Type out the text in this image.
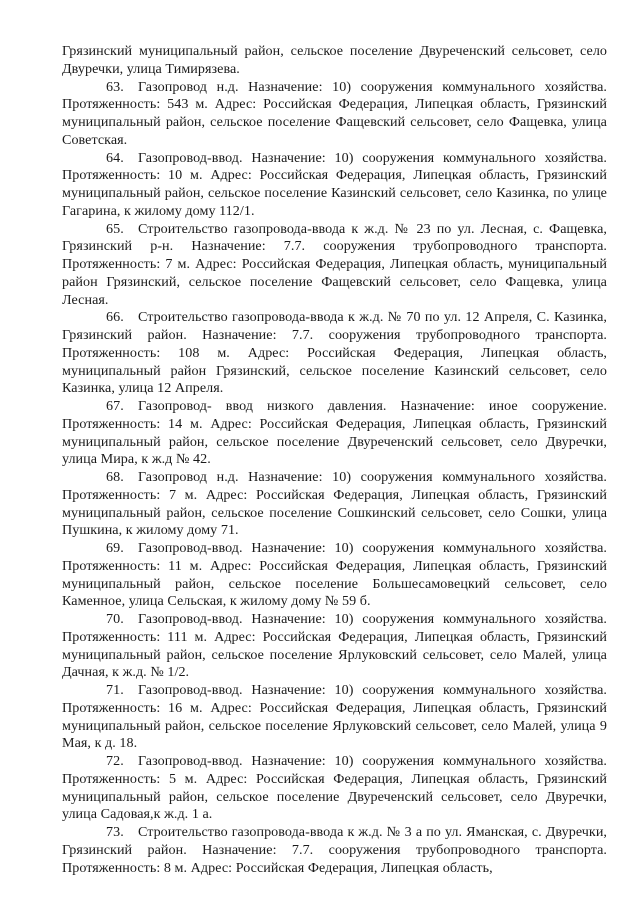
Грязинский муниципальный район, сельское поселение Двуреченский сельсовет, село Двуречки, улица Тимирязева.

63.  Газопровод н.д. Назначение: 10) сооружения коммунального хозяйства. Протяженность: 543 м. Адрес: Российская Федерация, Липецкая область, Грязинский муниципальный район, сельское поселение Фащевский сельсовет, село Фащевка, улица Советская.

64.  Газопровод-ввод. Назначение: 10) сооружения коммунального хозяйства. Протяженность: 10 м. Адрес: Российская Федерация, Липецкая область, Грязинский муниципальный район, сельское поселение Казинский сельсовет, село Казинка, по улице Гагарина, к жилому дому 112/1.

65.  Строительство газопровода-ввода к ж.д. № 23 по ул. Лесная, с. Фащевка, Грязинский р-н. Назначение: 7.7. сооружения трубопроводного транспорта. Протяженность: 7 м. Адрес: Российская Федерация, Липецкая область, муниципальный район Грязинский, сельское поселение Фащевский сельсовет, село Фащевка, улица Лесная.

66.  Строительство газопровода-ввода к ж.д. № 70 по ул. 12 Апреля, С. Казинка, Грязинский район. Назначение: 7.7. сооружения трубопроводного транспорта. Протяженность: 108 м. Адрес: Российская Федерация, Липецкая область, муниципальный район Грязинский, сельское поселение Казинский сельсовет, село Казинка, улица 12 Апреля.

67.  Газопровод- ввод низкого давления. Назначение: иное сооружение. Протяженность: 14 м. Адрес: Российская Федерация, Липецкая область, Грязинский муниципальный район, сельское поселение Двуреченский сельсовет, село Двуречки, улица Мира, к ж.д № 42.

68.  Газопровод н.д. Назначение: 10) сооружения коммунального хозяйства. Протяженность: 7 м. Адрес: Российская Федерация, Липецкая область, Грязинский муниципальный район, сельское поселение Сошкинский сельсовет, село Сошки, улица Пушкина, к жилому дому 71.

69.  Газопровод-ввод. Назначение: 10) сооружения коммунального хозяйства. Протяженность: 11 м. Адрес: Российская Федерация, Липецкая область, Грязинский муниципальный район, сельское поселение Большесамовецкий сельсовет, село Каменное, улица Сельская, к жилому дому № 59 б.

70.  Газопровод-ввод. Назначение: 10) сооружения коммунального хозяйства. Протяженность: 111 м. Адрес: Российская Федерация, Липецкая область, Грязинский муниципальный район, сельское поселение Ярлуковский сельсовет, село Малей, улица Дачная, к ж.д. № 1/2.

71.  Газопровод-ввод. Назначение: 10) сооружения коммунального хозяйства. Протяженность: 16 м. Адрес: Российская Федерация, Липецкая область, Грязинский муниципальный район, сельское поселение Ярлуковский сельсовет, село Малей, улица 9 Мая, к д. 18.

72.  Газопровод-ввод. Назначение: 10) сооружения коммунального хозяйства. Протяженность: 5 м. Адрес: Российская Федерация, Липецкая область, Грязинский муниципальный район, сельское поселение Двуреченский сельсовет, село Двуречки, улица Садовая,к ж.д. 1 а.

73.  Строительство газопровода-ввода к ж.д. № 3 а по ул. Яманская, с. Двуречки, Грязинский район. Назначение: 7.7. сооружения трубопроводного транспорта. Протяженность: 8 м. Адрес: Российская Федерация, Липецкая область,
